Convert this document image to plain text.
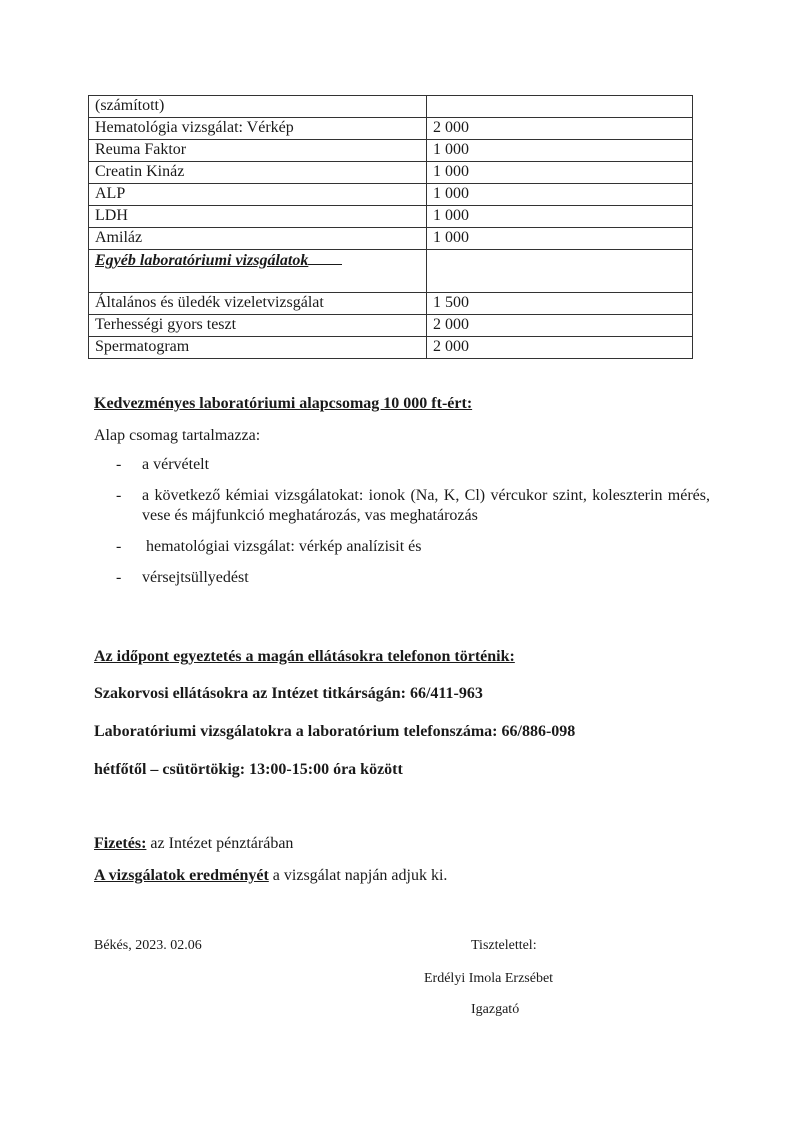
(számított)	
Hematológia vizsgálat: Vérkép	2 000
Reuma Faktor	1 000
Creatin Kináz	1 000
ALP	1 000
LDH	1 000
Amiláz	1 000
Egyéb laboratóriumi vizsgálatok	
Általános és üledék vizeletvizsgálat	1 500
Terhességi gyors teszt	2 000
Spermatogram	2 000
Kedvezményes laboratóriumi alapcsomag 10 000 ft-ért:
Alap csomag tartalmazza:
- a vérvételt
- a következő kémiai vizsgálatokat: ionok (Na, K, Cl) vércukor szint, koleszterin mérés, vese és májfunkció meghatározás, vas meghatározás
- hematológiai vizsgálat: vérkép analízisit és
- vérsejtsüllyedést
Az időpont egyeztetés a magán ellátásokra telefonon történik:
Szakorvosi ellátásokra az Intézet titkárságán: 66/411-963
Laboratóriumi vizsgálatokra a laboratórium telefonszáma: 66/886-098
hétfőtől – csütörtökig: 13:00-15:00 óra között
Fizetés: az Intézet pénztárában
A vizsgálatok eredményét a vizsgálat napján adjuk ki.
Békés, 2023. 02.06	Tisztelettel:
Erdélyi Imola Erzsébet
Igazgató
